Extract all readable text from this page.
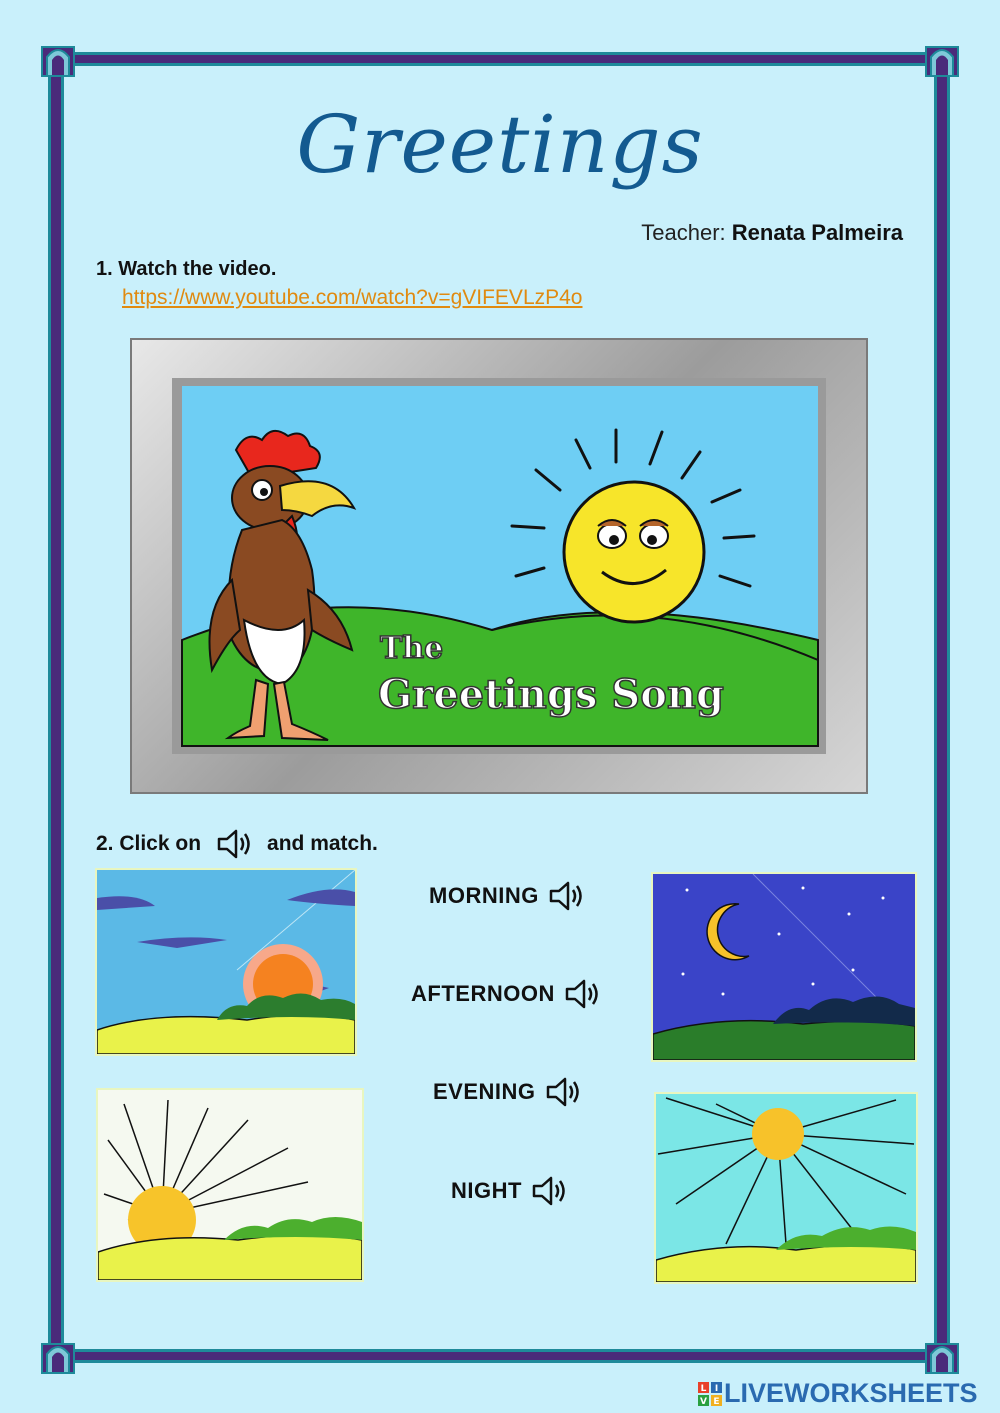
Greetings
Teacher: Renata Palmeira
1. Watch the video.
https://www.youtube.com/watch?v=gVIFEVLzP4o
The
Greetings Song
2. Click on	and match.
MORNING
AFTERNOON
EVENING
NIGHT
L I
V E LIVEWORKSHEETS
